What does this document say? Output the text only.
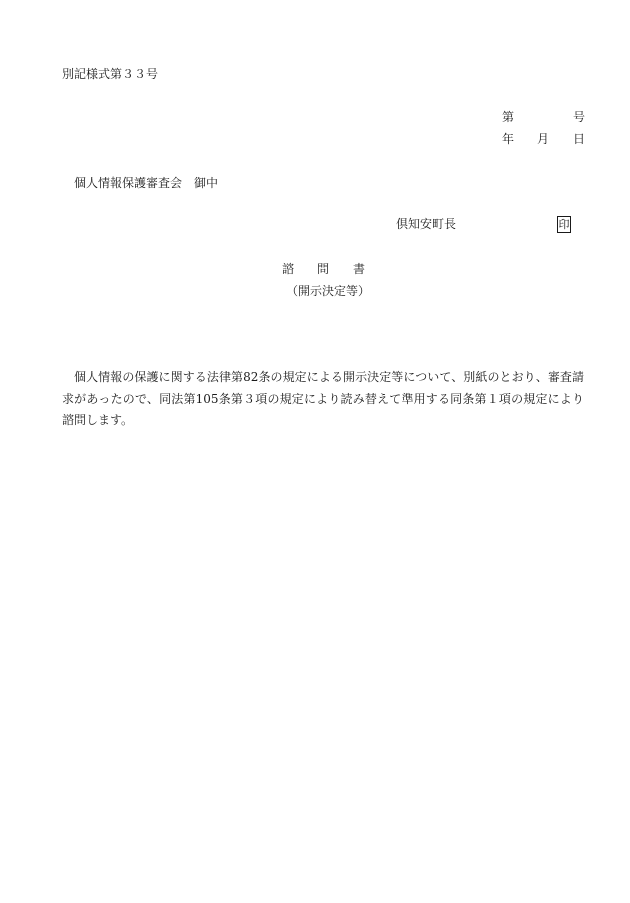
別記様式第３３号
第	号
年 月 日
個人情報保護審査会　御中
倶知安町長	印
諮 問 書
（開示決定等）
個人情報の保護に関する法律第82条の規定による開示決定等について、別紙のとおり、審査請求があったので、同法第105条第３項の規定により読み替えて準用する同条第１項の規定により諮問します。
